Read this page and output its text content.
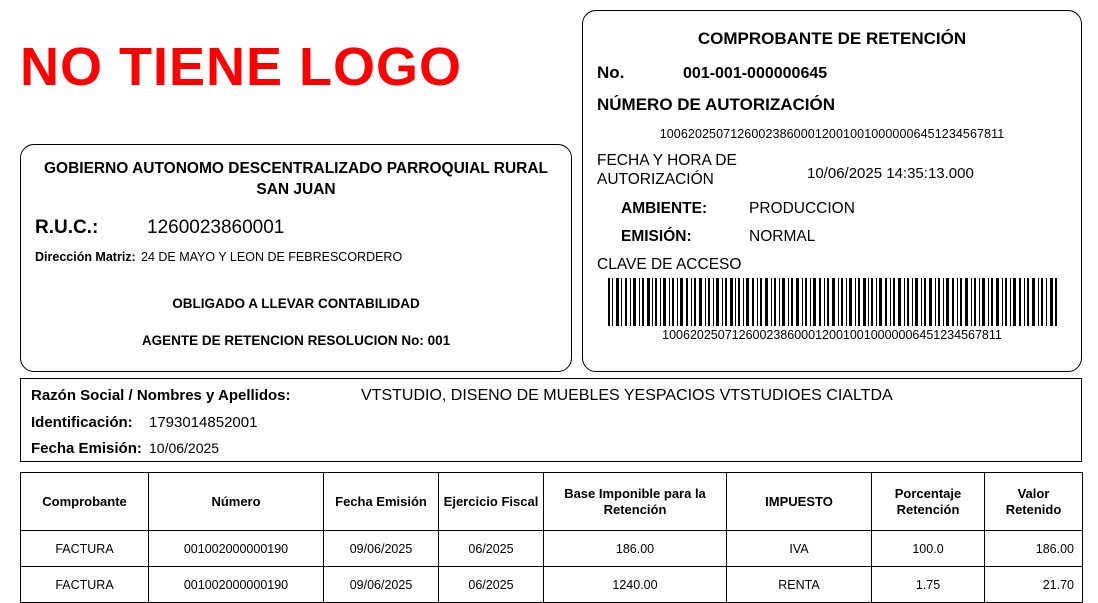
NO TIENE LOGO
GOBIERNO AUTONOMO DESCENTRALIZADO PARROQUIAL RURAL SAN JUAN
R.U.C.:	1260023860001
Dirección Matriz: 24 DE MAYO Y LEON DE FEBRESCORDERO
OBLIGADO A LLEVAR CONTABILIDAD
AGENTE DE RETENCION RESOLUCION No: 001
COMPROBANTE DE RETENCIÓN
No.	001-001-000000645
NÚMERO DE AUTORIZACIÓN
1006202507126002386000120010010000006451234567811
FECHA Y HORA DE AUTORIZACIÓN	10/06/2025 14:35:13.000
AMBIENTE:	PRODUCCION
EMISIÓN:	NORMAL
CLAVE DE ACCESO
1006202507126002386000120010010000006451234567811
Razón Social / Nombres y Apellidos:	VTSTUDIO, DISENO DE MUEBLES YESPACIOS VTSTUDIOES CIALTDA
Identificación:	1793014852001
Fecha Emisión: 10/06/2025
Comprobante	Número	Fecha Emisión	Ejercicio Fiscal	Base Imponible para la Retención	IMPUESTO	Porcentaje Retención	Valor Retenido
FACTURA	001002000000190	09/06/2025	06/2025	186.00	IVA	100.0	186.00
FACTURA	001002000000190	09/06/2025	06/2025	1240.00	RENTA	1.75	21.70
